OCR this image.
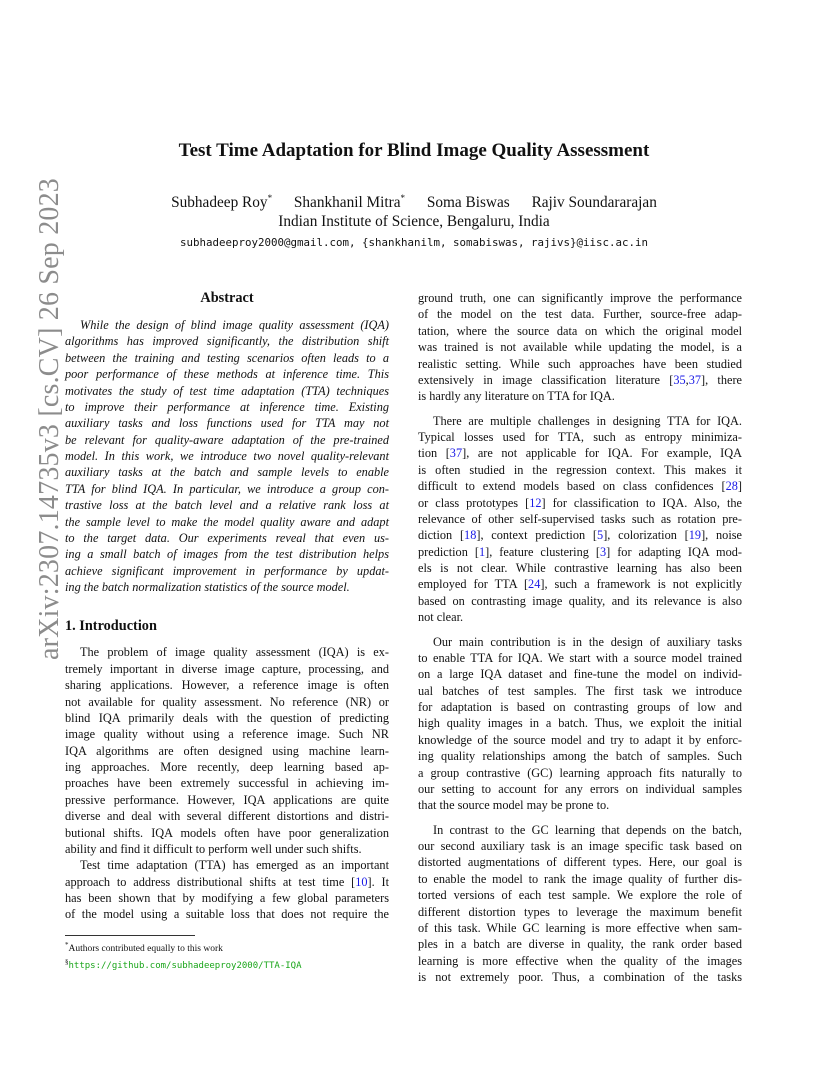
arXiv:2307.14735v3 [cs.CV] 26 Sep 2023
Test Time Adaptation for Blind Image Quality Assessment
Subhadeep Roy* Shankhanil Mitra* Soma Biswas Rajiv Soundararajan
Indian Institute of Science, Bengaluru, India
subhadeeproy2000@gmail.com, {shankhanilm, somabiswas, rajivs}@iisc.ac.in
Abstract

While the design of blind image quality assessment (IQA)

algorithms has improved significantly, the distribution shift

between the training and testing scenarios often leads to a

poor performance of these methods at inference time. This

motivates the study of test time adaptation (TTA) techniques

to improve their performance at inference time. Existing

auxiliary tasks and loss functions used for TTA may not

be relevant for quality-aware adaptation of the pre-trained

model. In this work, we introduce two novel quality-relevant

auxiliary tasks at the batch and sample levels to enable

TTA for blind IQA. In particular, we introduce a group con-

trastive loss at the batch level and a relative rank loss at

the sample level to make the model quality aware and adapt

to the target data. Our experiments reveal that even us-

ing a small batch of images from the test distribution helps

achieve significant improvement in performance by updat-

ing the batch normalization statistics of the source model.

1. Introduction

The problem of image quality assessment (IQA) is ex-

tremely important in diverse image capture, processing, and

sharing applications. However, a reference image is often

not available for quality assessment. No reference (NR) or

blind IQA primarily deals with the question of predicting

image quality without using a reference image. Such NR

IQA algorithms are often designed using machine learn-

ing approaches. More recently, deep learning based ap-

proaches have been extremely successful in achieving im-

pressive performance. However, IQA applications are quite

diverse and deal with several different distortions and distri-

butional shifts. IQA models often have poor generalization

ability and find it difficult to perform well under such shifts.

Test time adaptation (TTA) has emerged as an important

approach to address distributional shifts at test time [10]. It

has been shown that by modifying a few global parameters

of the model using a suitable loss that does not require the

*Authors contributed equally to this work
§https://github.com/subhadeeproy2000/TTA-IQA

ground truth, one can significantly improve the performance

of the model on the test data. Further, source-free adap-

tation, where the source data on which the original model

was trained is not available while updating the model, is a

realistic setting. While such approaches have been studied

extensively in image classification literature [35,37], there

is hardly any literature on TTA for IQA.

There are multiple challenges in designing TTA for IQA.

Typical losses used for TTA, such as entropy minimiza-

tion [37], are not applicable for IQA. For example, IQA

is often studied in the regression context. This makes it

difficult to extend models based on class confidences [28]

or class prototypes [12] for classification to IQA. Also, the

relevance of other self-supervised tasks such as rotation pre-

diction [18], context prediction [5], colorization [19], noise

prediction [1], feature clustering [3] for adapting IQA mod-

els is not clear. While contrastive learning has also been

employed for TTA [24], such a framework is not explicitly

based on contrasting image quality, and its relevance is also

not clear.

Our main contribution is in the design of auxiliary tasks

to enable TTA for IQA. We start with a source model trained

on a large IQA dataset and fine-tune the model on individ-

ual batches of test samples. The first task we introduce

for adaptation is based on contrasting groups of low and

high quality images in a batch. Thus, we exploit the initial

knowledge of the source model and try to adapt it by enforc-

ing quality relationships among the batch of samples. Such

a group contrastive (GC) learning approach fits naturally to

our setting to account for any errors on individual samples

that the source model may be prone to.

In contrast to the GC learning that depends on the batch,

our second auxiliary task is an image specific task based on

distorted augmentations of different types. Here, our goal is

to enable the model to rank the image quality of further dis-

torted versions of each test sample. We explore the role of

different distortion types to leverage the maximum benefit

of this task. While GC learning is more effective when sam-

ples in a batch are diverse in quality, the rank order based

learning is more effective when the quality of the images

is not extremely poor. Thus, a combination of the tasks
